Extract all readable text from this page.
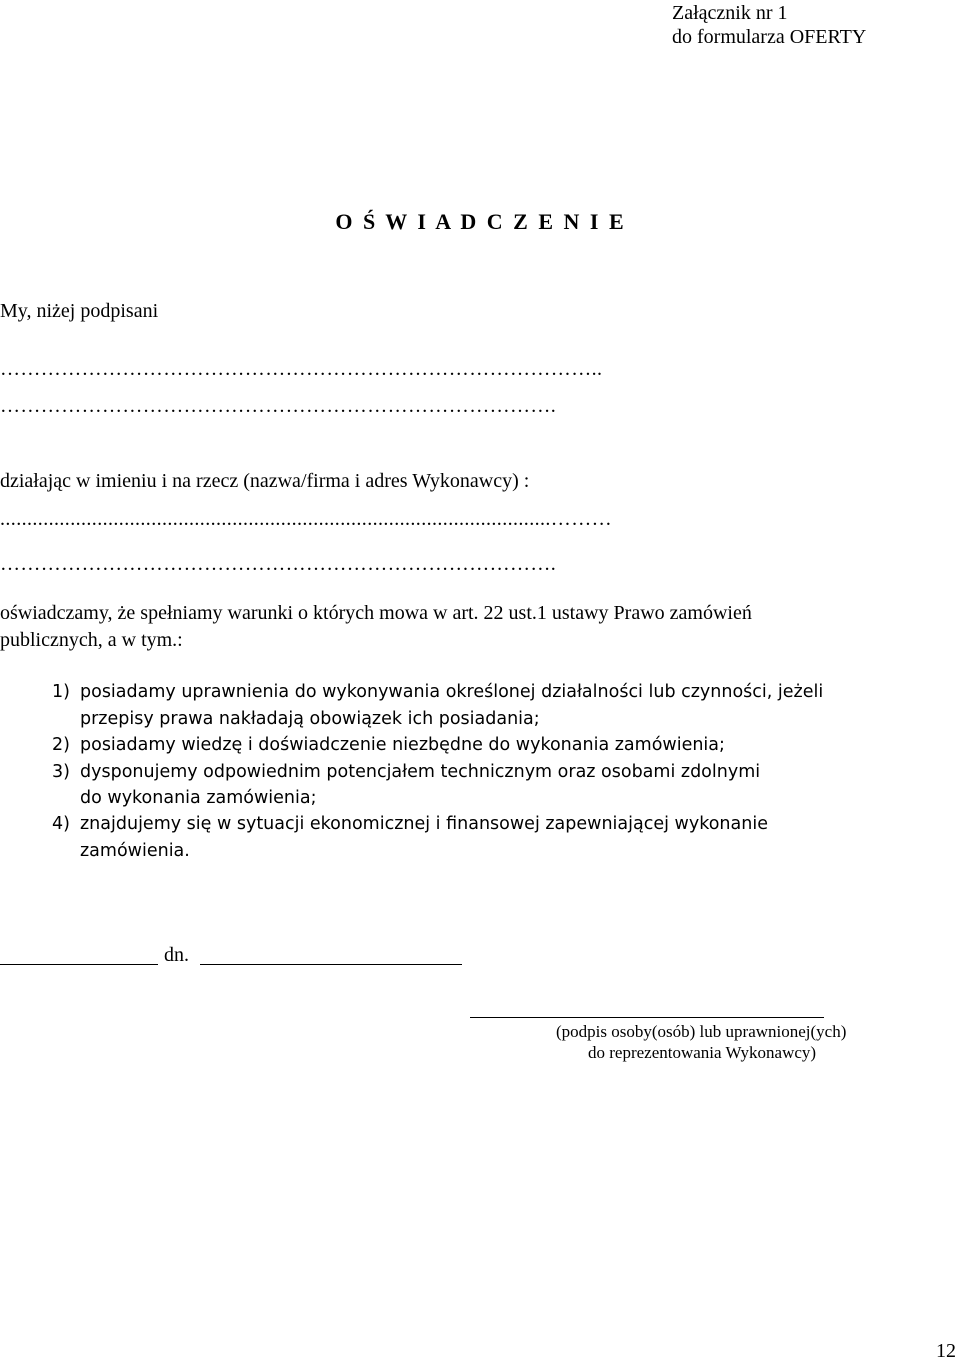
Załącznik nr 1
do formularza OFERTY
O Ś W I A D C Z E N I E
My, niżej podpisani
……………………………………………………………………………..
……………………………………………………………………….
działając w imieniu i na rzecz (nazwa/firma i adres Wykonawcy) :
......................................................................................................………
……………………………………………………………………….
oświadczamy, że spełniamy warunki o których mowa w art. 22 ust.1 ustawy Prawo zamówień
publicznych, a w tym.:
1) posiadamy uprawnienia do wykonywania określonej działalności lub czynności, jeżeli
przepisy prawa nakładają obowiązek ich posiadania;
2) posiadamy wiedzę i doświadczenie niezbędne do wykonania zamówienia;
3) dysponujemy odpowiednim potencjałem technicznym oraz osobami zdolnymi
do wykonania zamówienia;
4) znajdujemy się w sytuacji ekonomicznej i finansowej zapewniającej wykonanie
zamówienia.
dn.
(podpis osoby(osób) lub uprawnionej(ych)
do reprezentowania Wykonawcy)
12
